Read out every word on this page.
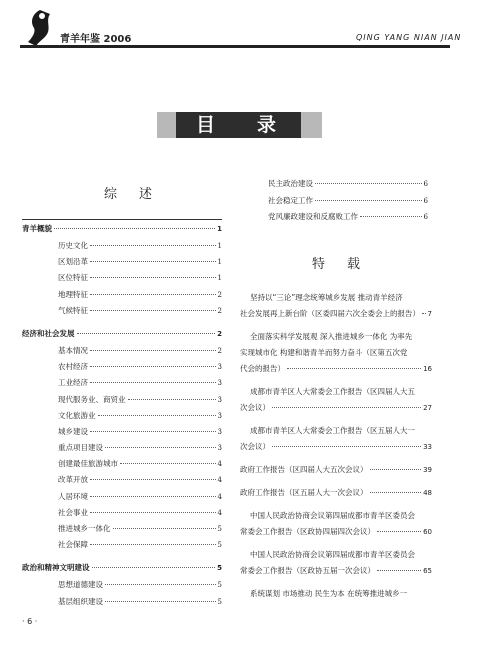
青羊年鉴 2006	QING YANG NIAN JIAN
目录
综述
青羊概貌	1
历史文化	1
区划沿革	1
区位特征	1
地理特征	2
气候特征	2
经济和社会发展	2
基本情况	2
农村经济	3
工业经济	3
现代服务业、商贸业	3
文化旅游业	3
城乡建设	3
重点项目建设	3
创建最佳旅游城市	4
改革开放	4
人居环境	4
社会事业	4
推进城乡一体化	5
社会保障	5
政治和精神文明建设	5
思想道德建设	5
基层组织建设	5
民主政治建设	6
社会稳定工作	6
党风廉政建设和反腐败工作	6
特载
坚持以“三论”理念统筹城乡发展 推动青羊经济
社会发展再上新台阶（区委四届六次全委会上的报告） 7
全面落实科学发展观 深入推进城乡一体化 为率先
实现城市化 构建和谐青羊而努力奋斗（区第五次党
代会的报告）	16
成都市青羊区人大常委会工作报告（区四届人大五
次会议）	27
成都市青羊区人大常委会工作报告（区五届人大一
次会议）	33
政府工作报告（区四届人大五次会议）	39
政府工作报告（区五届人大一次会议）	48
中国人民政治协商会议第四届成都市青羊区委员会
常委会工作报告（区政协四届四次会议）	60
中国人民政治协商会议第四届成都市青羊区委员会
常委会工作报告（区政协五届一次会议）	65
系统谋划 市场推动 民生为本 在统筹推进城乡一
· 6 ·
